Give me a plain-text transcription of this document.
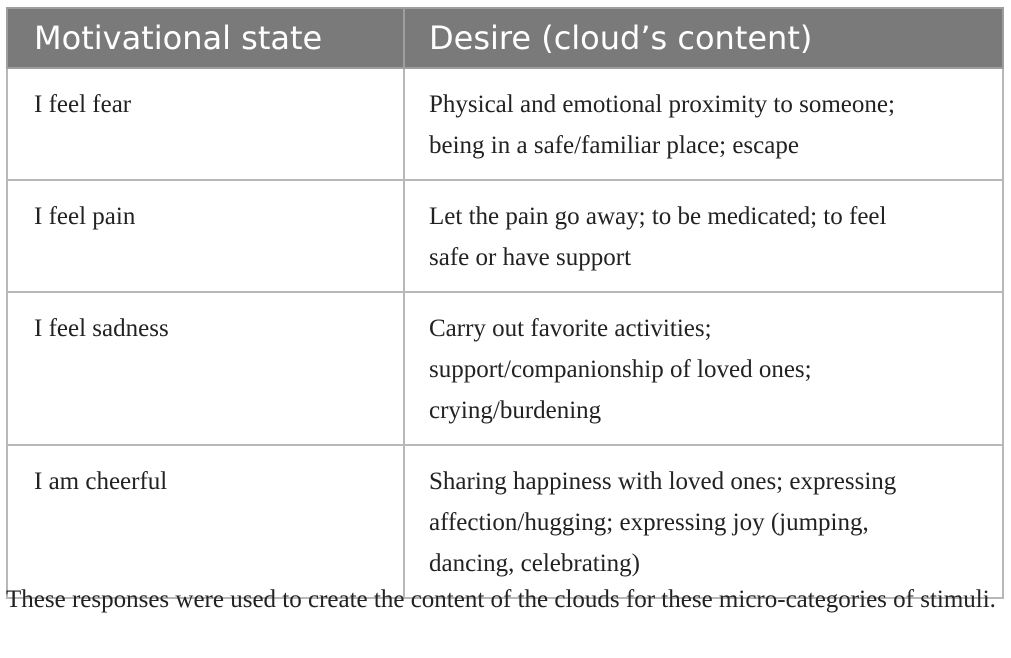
Motivational state	Desire (cloud’s content)
I feel fear	Physical and emotional proximity to someone;
being in a safe/familiar place; escape
I feel pain	Let the pain go away; to be medicated; to feel
safe or have support
I feel sadness	Carry out favorite activities;
support/companionship of loved ones;
crying/burdening
I am cheerful	Sharing happiness with loved ones; expressing
affection/hugging; expressing joy (jumping,
dancing, celebrating)

These responses were used to create the content of the clouds for these micro-categories of stimuli.
